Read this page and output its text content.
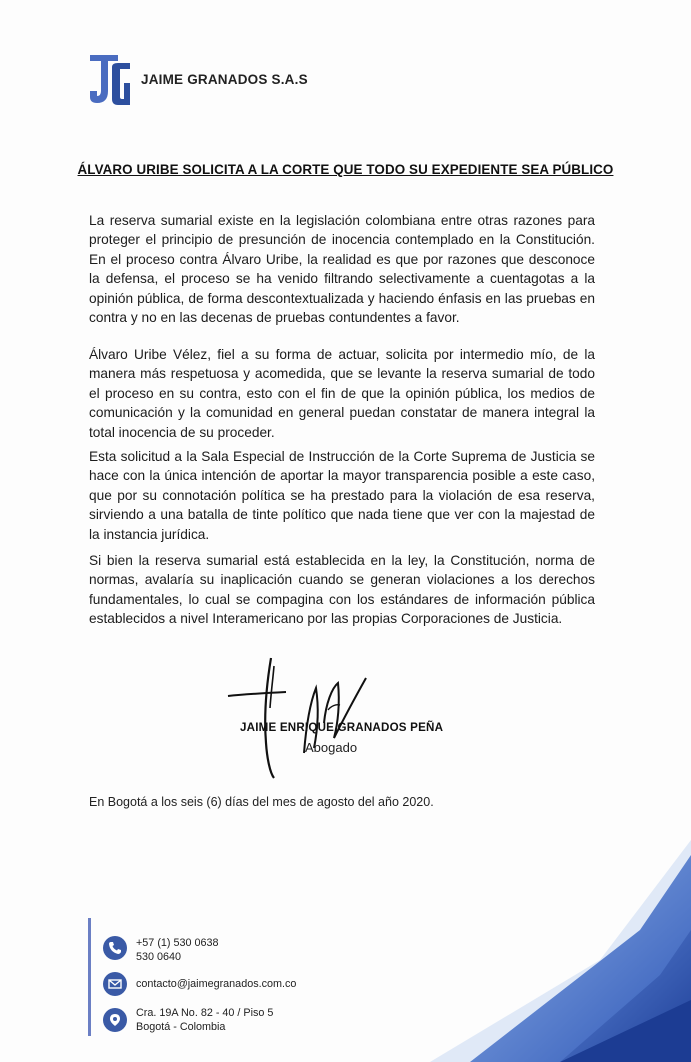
JAIME GRANADOS S.A.S
ÁLVARO URIBE SOLICITA A LA CORTE QUE TODO SU EXPEDIENTE SEA PÚBLICO
La reserva sumarial existe en la legislación colombiana entre otras razones para proteger el principio de presunción de inocencia contemplado en la Constitución. En el proceso contra Álvaro Uribe, la realidad es que por razones que desconoce la defensa, el proceso se ha venido filtrando selectivamente a cuentagotas a la opinión pública, de forma descontextualizada y haciendo énfasis en las pruebas en contra y no en las decenas de pruebas contundentes a favor.
Álvaro Uribe Vélez, fiel a su forma de actuar, solicita por intermedio mío, de la manera más respetuosa y acomedida, que se levante la reserva sumarial de todo el proceso en su contra, esto con el fin de que la opinión pública, los medios de comunicación y la comunidad en general puedan constatar de manera integral la total inocencia de su proceder.
Esta solicitud a la Sala Especial de Instrucción de la Corte Suprema de Justicia se hace con la única intención de aportar la mayor transparencia posible a este caso, que por su connotación política se ha prestado para la violación de esa reserva, sirviendo a una batalla de tinte político que nada tiene que ver con la majestad de la instancia jurídica.
Si bien la reserva sumarial está establecida en la ley, la Constitución, norma de normas, avalaría su inaplicación cuando se generan violaciones a los derechos fundamentales, lo cual se compagina con los estándares de información pública establecidos a nivel Interamericano por las propias Corporaciones de Justicia.
JAIME ENRIQUE GRANADOS PEÑA
Abogado
En Bogotá a los seis (6) días del mes de agosto del año 2020.
+57 (1) 530 0638
530 0640
contacto@jaimegranados.com.co
Cra. 19A No. 82 - 40 / Piso 5
Bogotá - Colombia
